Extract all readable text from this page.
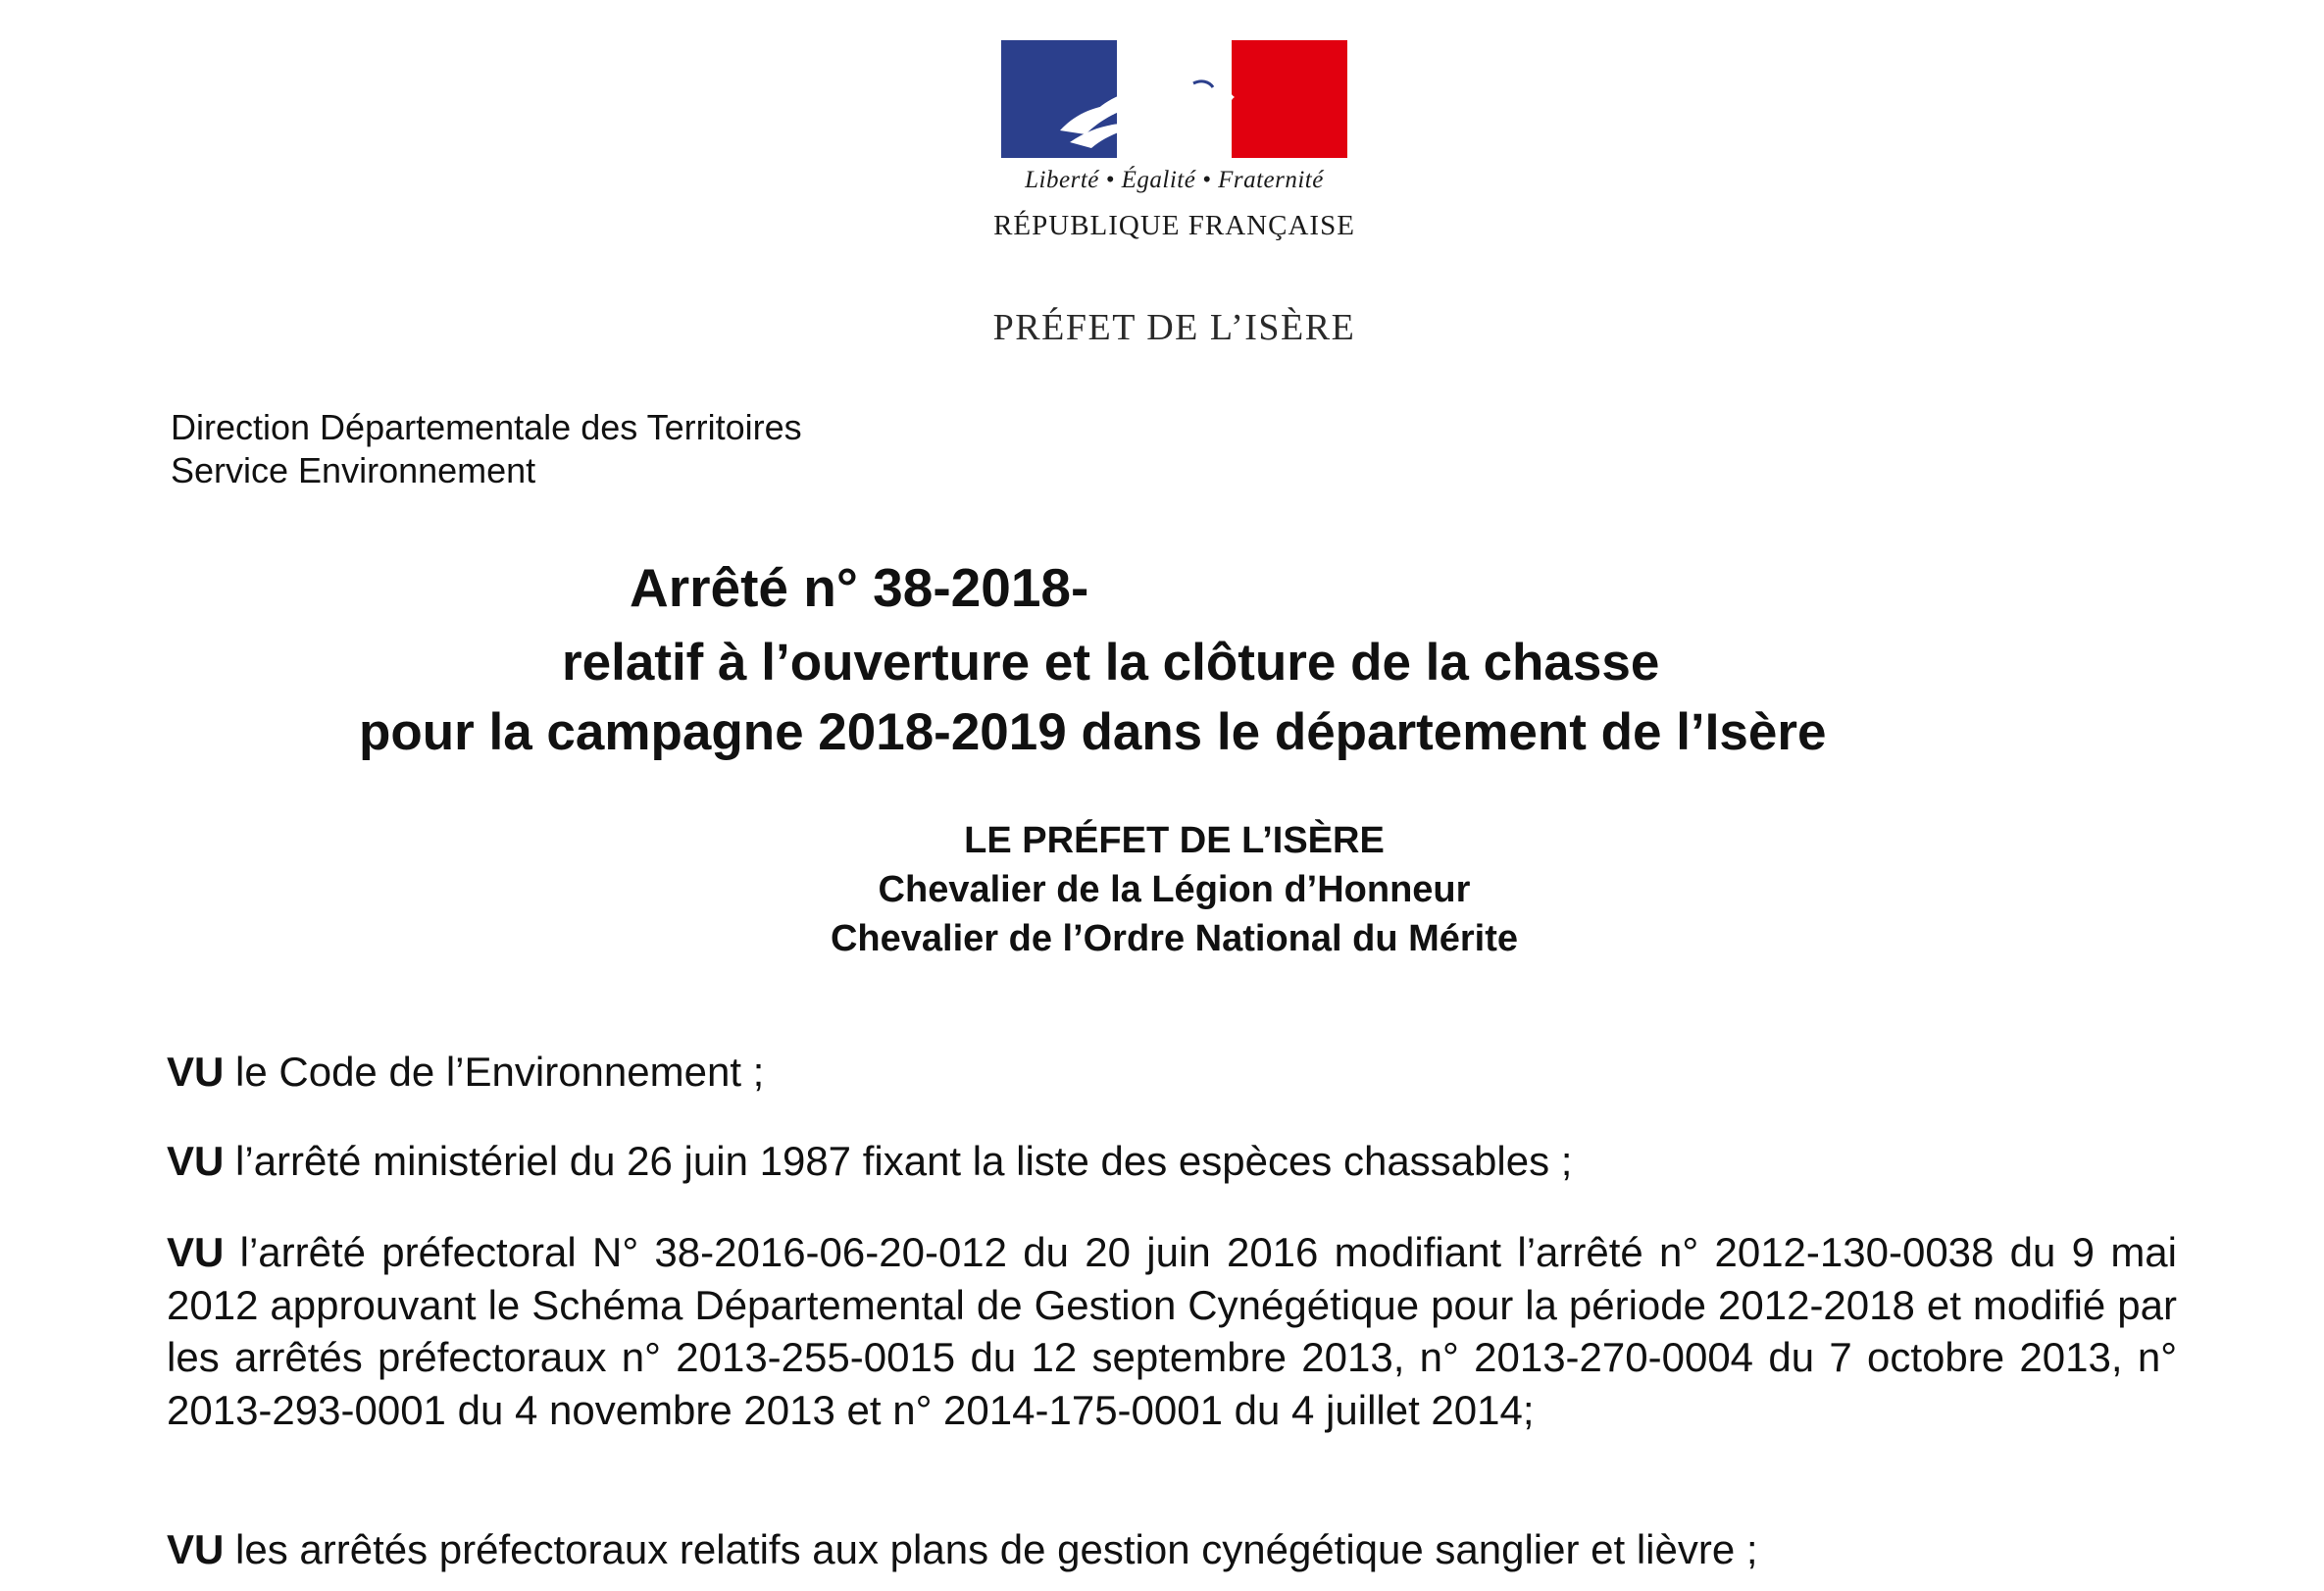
Liberté • Égalité • Fraternité
RÉPUBLIQUE FRANÇAISE
PRÉFET DE L’ISÈRE
Direction Départementale des Territoires
Service Environnement
Arrêté n° 38-2018-
relatif à l’ouverture et la clôture de la chasse
pour la campagne 2018-2019 dans le département de l’Isère
LE PRÉFET DE L’ISÈRE
Chevalier de la Légion d’Honneur
Chevalier de l’Ordre National du Mérite
VU le Code de l’Environnement ;
VU l’arrêté ministériel du 26 juin 1987 fixant la liste des espèces chassables ;
VU l’arrêté préfectoral N° 38-2016-06-20-012 du 20 juin 2016 modifiant l’arrêté n° 2012-130-0038 du 9 mai 2012 approuvant le Schéma Départemental de Gestion Cynégétique pour la période 2012-2018 et modifié par les arrêtés préfectoraux n° 2013-255-0015 du 12 septembre 2013, n° 2013-270-0004 du 7 octobre 2013, n° 2013-293-0001 du 4 novembre 2013 et n° 2014-175-0001 du 4 juillet 2014;
VU les arrêtés préfectoraux relatifs aux plans de gestion cynégétique sanglier et lièvre ;
